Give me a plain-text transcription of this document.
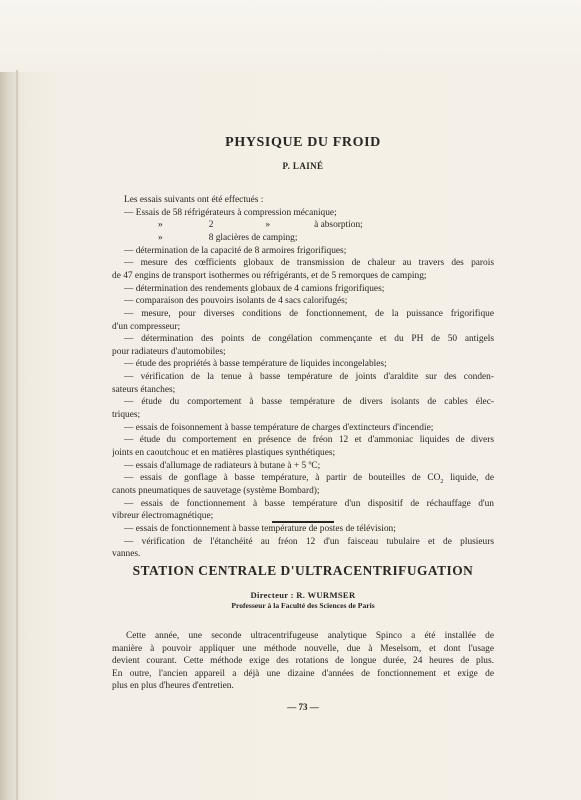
PHYSIQUE DU FROID
P. LAINÉ
Les essais suivants ont été effectués :
— Essais de 58 réfrigérateurs à compression mécanique;
»	2	»	à absorption;
»	8 glacières de camping;
— détermination de la capacité de 8 armoires frigorifiques;
— mesure des cœfficients globaux de transmission de chaleur au travers des parois
de 47 engins de transport isothermes ou réfrigérants, et de 5 remorques de camping;
— détermination des rendements globaux de 4 camions frigorifiques;
— comparaison des pouvoirs isolants de 4 sacs calorifugés;
— mesure, pour diverses conditions de fonctionnement, de la puissance frigorifique
d'un compresseur;
— détermination des points de congélation commençante et du PH de 50 antigels
pour radiateurs d'automobiles;
— étude des propriétés à basse température de liquides incongelables;
— vérification de la tenue à basse température de joints d'araldite sur des conden-
sateurs étanches;
— étude du comportement à basse température de divers isolants de cables élec-
triques;
— essais de foisonnement à basse température de charges d'extincteurs d'incendie;
— étude du comportement en présence de fréon 12 et d'ammoniac liquides de divers
joints en caoutchouc et en matières plastiques synthétiques;
— essais d'allumage de radiateurs à butane à + 5 ºC;
— essais de gonflage à basse température, à partir de bouteilles de $CO_2$ liquide, de
canots pneumatiques de sauvetage (système Bombard);
— essais de fonctionnement à basse température d'un dispositif de réchauffage d'un
vibreur électromagnétique;
— essais de fonctionnement à basse température de postes de télévision;
— vérification de l'étanchéité au fréon 12 d'un faisceau tubulaire et de plusieurs
vannes.
STATION CENTRALE D'ULTRACENTRIFUGATION
Directeur : R. WURMSER
Professeur à la Faculté des Sciences de Paris
Cette année, une seconde ultracentrifugeuse analytique Spinco a été installée de
manière à pouvoir appliquer une méthode nouvelle, due à Meselsom, et dont l'usage
devient courant. Cette méthode exige des rotations de longue durée, 24 heures de plus.
En outre, l'ancien appareil a déjà une dizaine d'années de fonctionnement et exige de
plus en plus d'heures d'entretien.
— 73 —
